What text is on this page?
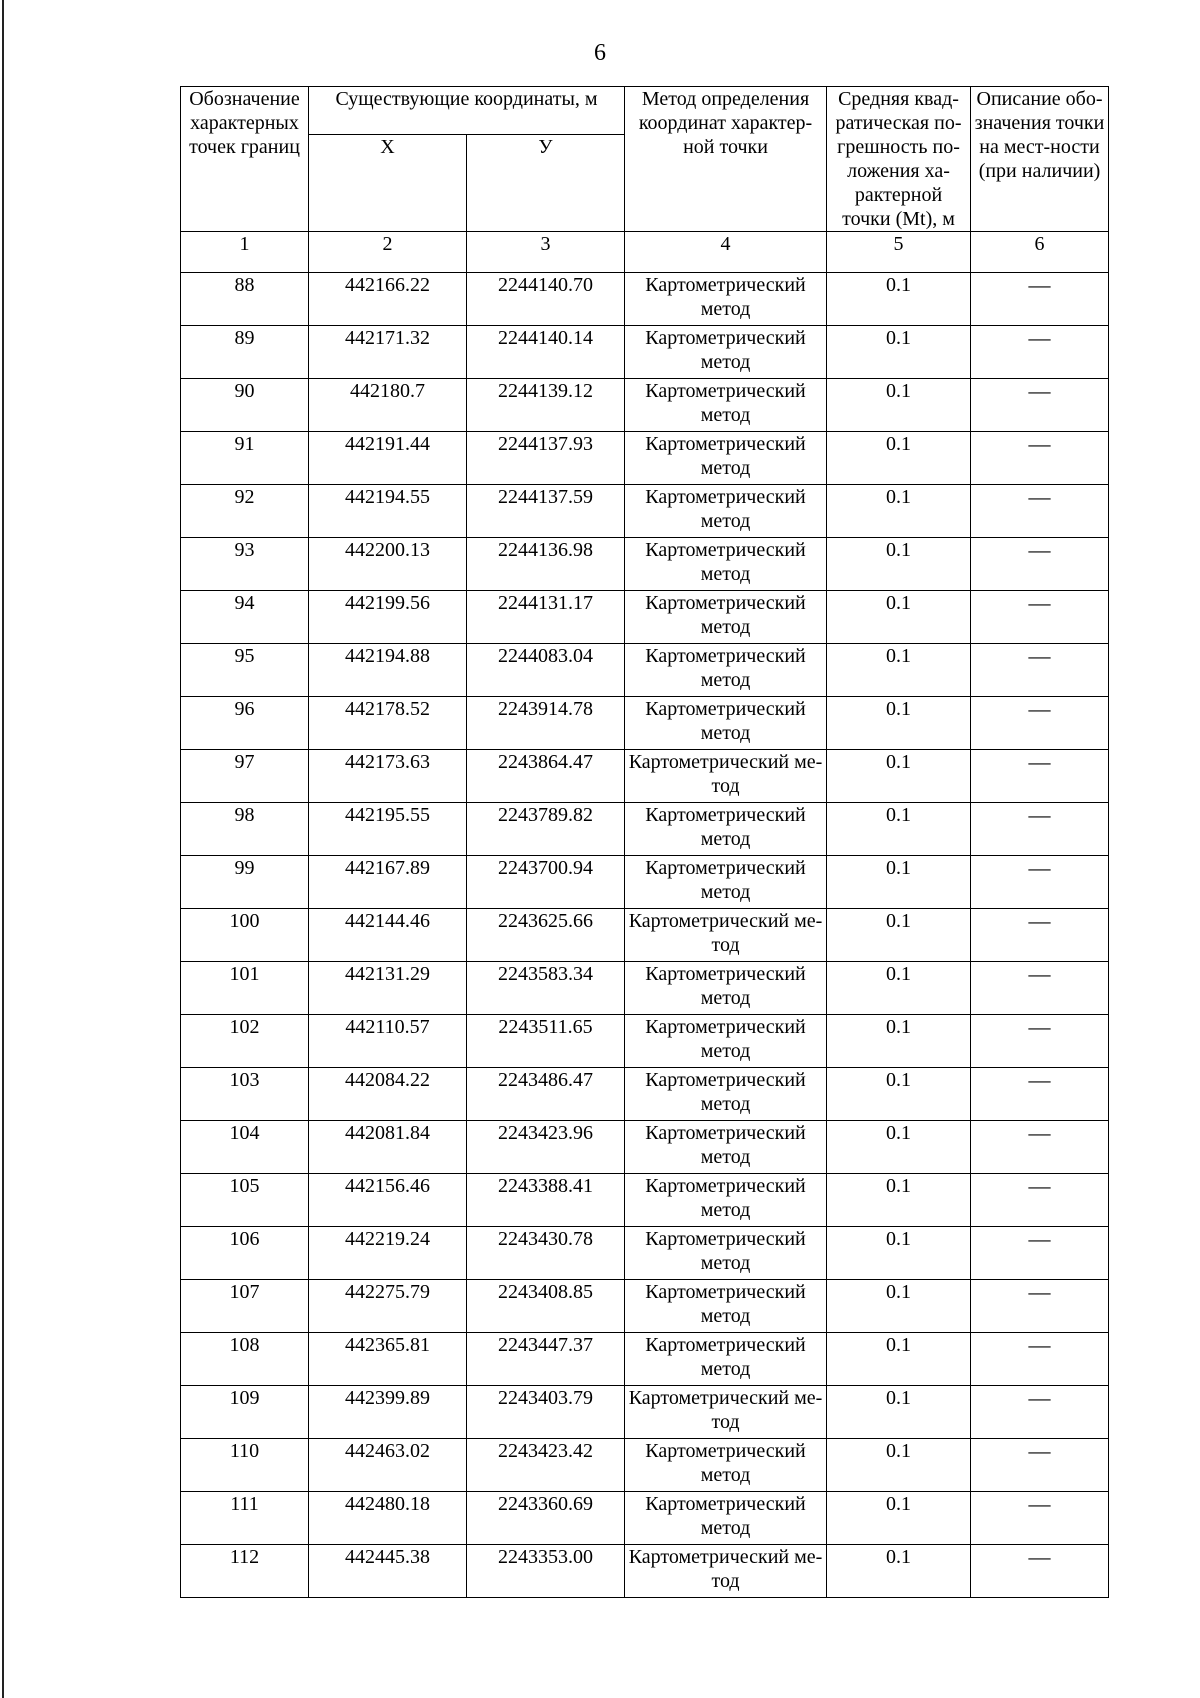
6
Обозначение характерных точек границ	Существующие координаты, м		Метод определения координат характер-ной точки	Средняя квад-ратическая по-грешность по-ложения ха-рактерной точки (Mt), м	Описание обо-значения точки на мест-ности (при наличии)
	X	У			
1	2	3	4	5	6
88	442166.22	2244140.70	Картометрический метод	0.1	—
89	442171.32	2244140.14	Картометрический метод	0.1	—
90	442180.7	2244139.12	Картометрический метод	0.1	—
91	442191.44	2244137.93	Картометрический метод	0.1	—
92	442194.55	2244137.59	Картометрический метод	0.1	—
93	442200.13	2244136.98	Картометрический метод	0.1	—
94	442199.56	2244131.17	Картометрический метод	0.1	—
95	442194.88	2244083.04	Картометрический метод	0.1	—
96	442178.52	2243914.78	Картометрический метод	0.1	—
97	442173.63	2243864.47	Картометрический ме-тод	0.1	—
98	442195.55	2243789.82	Картометрический метод	0.1	—
99	442167.89	2243700.94	Картометрический метод	0.1	—
100	442144.46	2243625.66	Картометрический ме-тод	0.1	—
101	442131.29	2243583.34	Картометрический метод	0.1	—
102	442110.57	2243511.65	Картометрический метод	0.1	—
103	442084.22	2243486.47	Картометрический метод	0.1	—
104	442081.84	2243423.96	Картометрический метод	0.1	—
105	442156.46	2243388.41	Картометрический метод	0.1	—
106	442219.24	2243430.78	Картометрический метод	0.1	—
107	442275.79	2243408.85	Картометрический метод	0.1	—
108	442365.81	2243447.37	Картометрический метод	0.1	—
109	442399.89	2243403.79	Картометрический ме-тод	0.1	—
110	442463.02	2243423.42	Картометрический метод	0.1	—
111	442480.18	2243360.69	Картометрический метод	0.1	—
112	442445.38	2243353.00	Картометрический ме-тод	0.1	—
